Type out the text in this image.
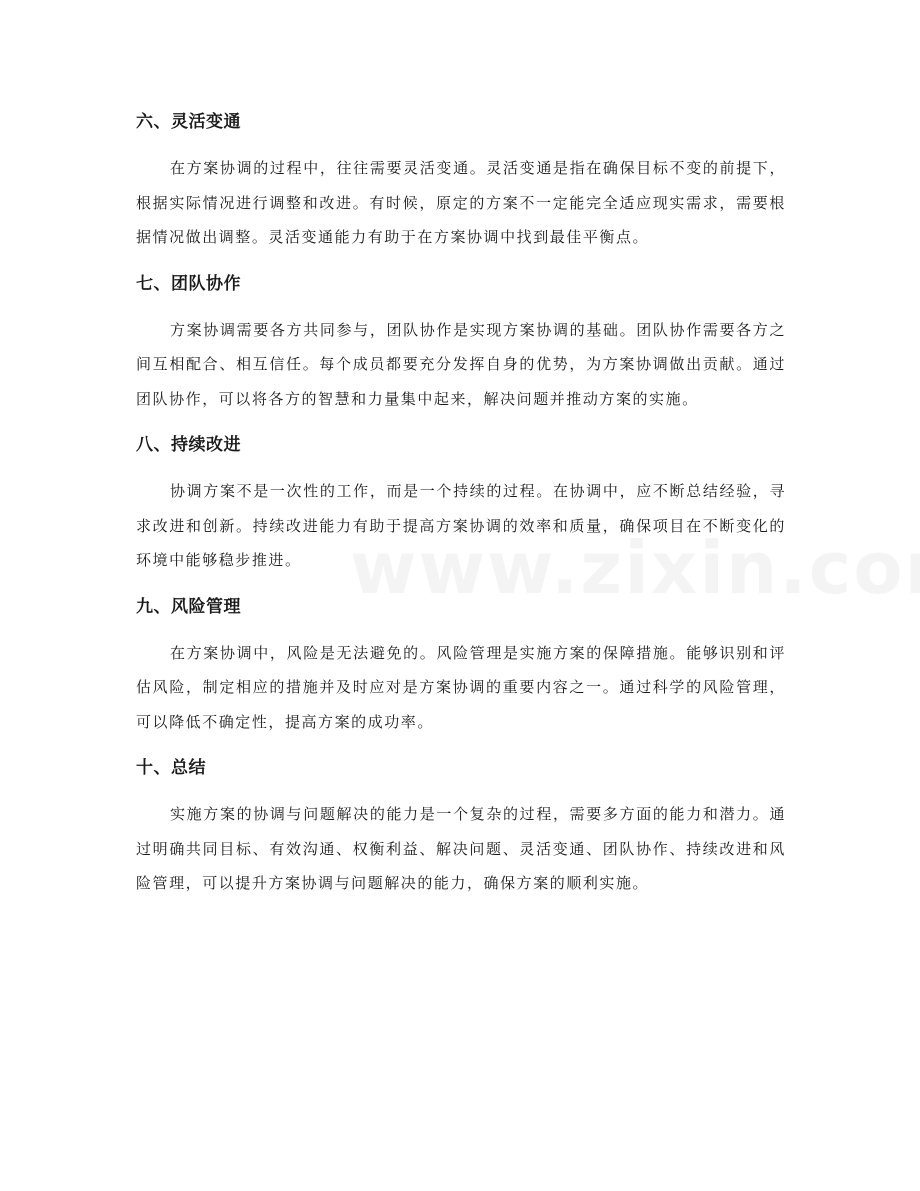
六、灵活变通

在方案协调的过程中，往往需要灵活变通。灵活变通是指在确保目标不变的前提下，根据实际情况进行调整和改进。有时候，原定的方案不一定能完全适应现实需求，需要根据情况做出调整。灵活变通能力有助于在方案协调中找到最佳平衡点。

七、团队协作

方案协调需要各方共同参与，团队协作是实现方案协调的基础。团队协作需要各方之间互相配合、相互信任。每个成员都要充分发挥自身的优势，为方案协调做出贡献。通过团队协作，可以将各方的智慧和力量集中起来，解决问题并推动方案的实施。

八、持续改进

协调方案不是一次性的工作，而是一个持续的过程。在协调中，应不断总结经验，寻求改进和创新。持续改进能力有助于提高方案协调的效率和质量，确保项目在不断变化的环境中能够稳步推进。

九、风险管理

在方案协调中，风险是无法避免的。风险管理是实施方案的保障措施。能够识别和评估风险，制定相应的措施并及时应对是方案协调的重要内容之一。通过科学的风险管理，可以降低不确定性，提高方案的成功率。

十、总结

实施方案的协调与问题解决的能力是一个复杂的过程，需要多方面的能力和潜力。通过明确共同目标、有效沟通、权衡利益、解决问题、灵活变通、团队协作、持续改进和风险管理，可以提升方案协调与问题解决的能力，确保方案的顺利实施。
